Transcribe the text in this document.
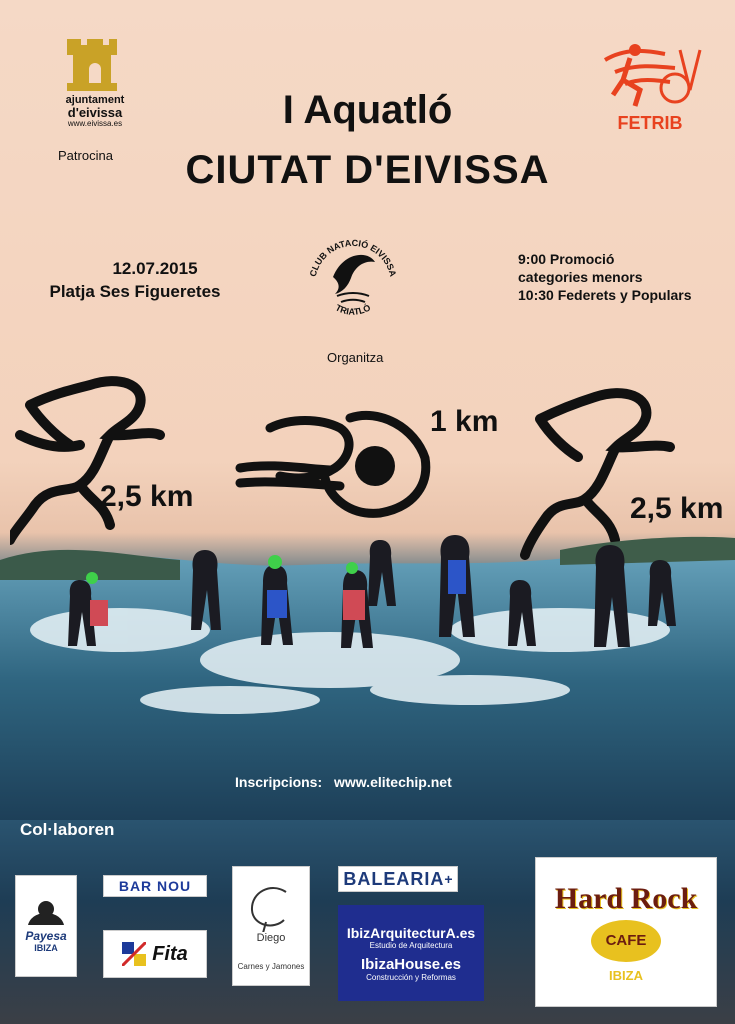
ajuntament
d'eivissa
www.eivissa.es
Patrocina
FETRIB
I Aquatló
CIUTAT D'EIVISSA
12.07.2015
Platja Ses Figueretes
9:00 Promoció
categories menors
10:30 Federets y Populars
CLUB NATACIÓ EIVISSA
TRIATLÓ
Organitza
2,5 km
1 km
2,5 km
Inscripcions: www.elitechip.net
Col·laboren
Payesa
IBIZA
BAR NOU
Fita
Diego
Carnes y Jamones
BALEARIA +
IbizArquitecturA.es
Estudio de Arquitectura
IbizaHouse.es
Construcción y Reformas
Hard Rock
CAFE
IBIZA
